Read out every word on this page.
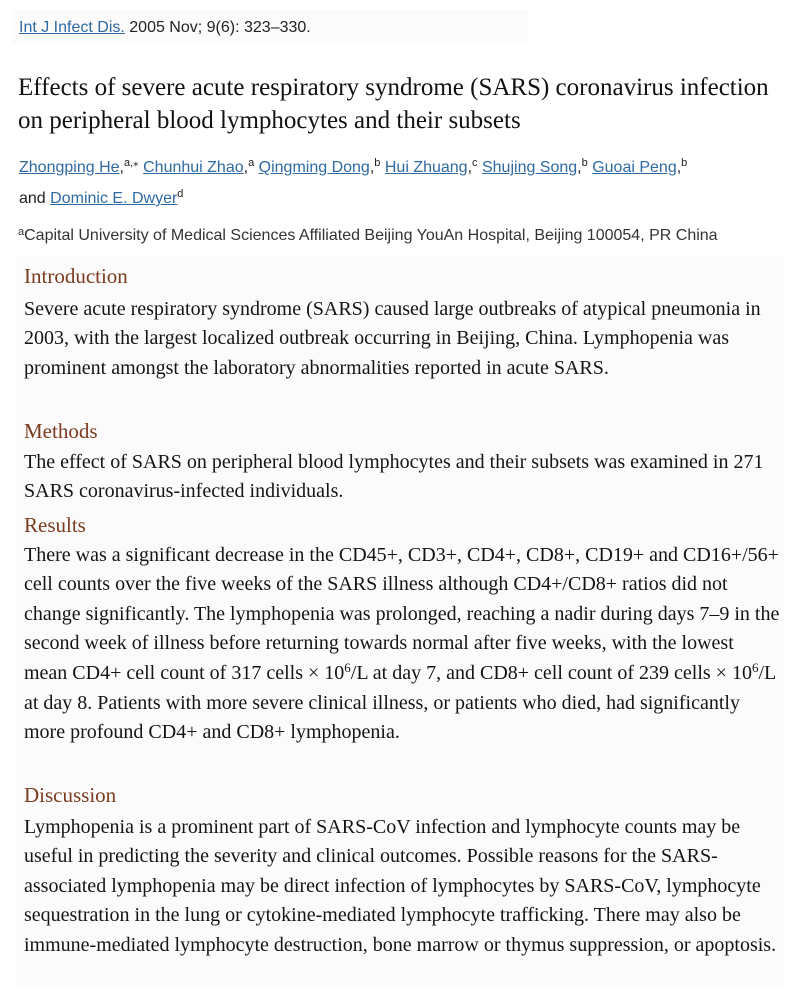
Int J Infect Dis. 2005 Nov; 9(6): 323–330.
Effects of severe acute respiratory syndrome (SARS) coronavirus infection on peripheral blood lymphocytes and their subsets
Zhongping He,$^{a,⁎}$ Chunhui Zhao,$^a$ Qingming Dong,$^b$ Hui Zhuang,$^c$ Shujing Song,$^b$ Guoai Peng,$^b$
and Dominic E. Dwyer$^d$
$^a$Capital University of Medical Sciences Affiliated Beijing YouAn Hospital, Beijing 100054, PR China
Introduction

Severe acute respiratory syndrome (SARS) caused large outbreaks of atypical pneumonia in 2003, with the largest localized outbreak occurring in Beijing, China. Lymphopenia was prominent amongst the laboratory abnormalities reported in acute SARS.

Methods

The effect of SARS on peripheral blood lymphocytes and their subsets was examined in 271 SARS coronavirus-infected individuals.

Results

There was a significant decrease in the CD45+, CD3+, CD4+, CD8+, CD19+ and CD16+/56+ cell counts over the five weeks of the SARS illness although CD4+/CD8+ ratios did not change significantly. The lymphopenia was prolonged, reaching a nadir during days 7–9 in the second week of illness before returning towards normal after five weeks, with the lowest mean CD4+ cell count of 317 cells × $10^6/L$ at day 7, and CD8+ cell count of 239 cells × $10^6/L$ at day 8. Patients with more severe clinical illness, or patients who died, had significantly more profound CD4+ and CD8+ lymphopenia.

Discussion

Lymphopenia is a prominent part of SARS-CoV infection and lymphocyte counts may be useful in predicting the severity and clinical outcomes. Possible reasons for the SARS-associated lymphopenia may be direct infection of lymphocytes by SARS-CoV, lymphocyte sequestration in the lung or cytokine-mediated lymphocyte trafficking. There may also be immune-mediated lymphocyte destruction, bone marrow or thymus suppression, or apoptosis.
